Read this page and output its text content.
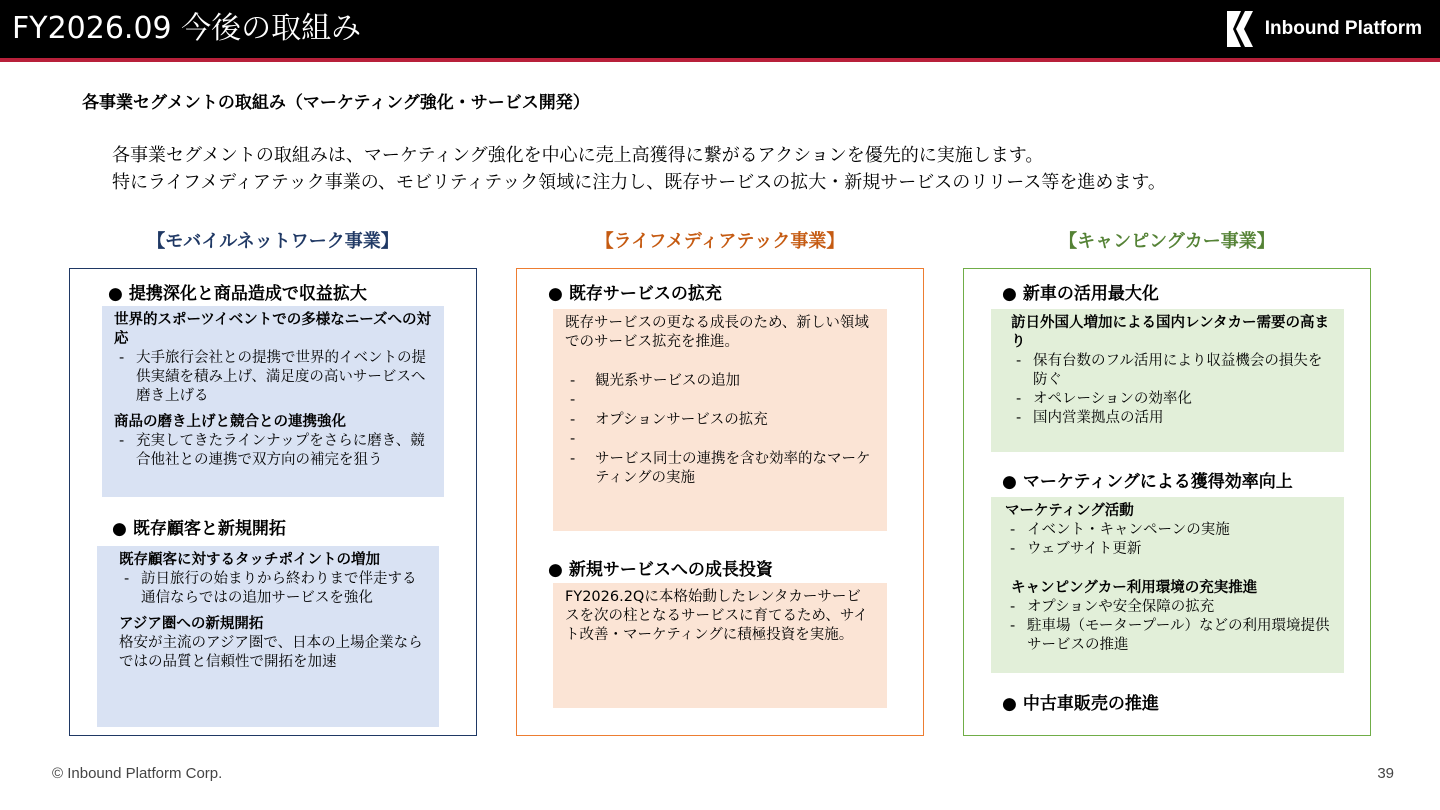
FY2026.09 今後の取組み	Inbound Platform
各事業セグメントの取組み（マーケティング強化・サービス開発）
各事業セグメントの取組みは、マーケティング強化を中心に売上高獲得に繋がるアクションを優先的に実施します。
特にライフメディアテック事業の、モビリティテック領域に注力し、既存サービスの拡大・新規サービスのリリース等を進めます。
【モバイルネットワーク事業】
● 提携深化と商品造成で収益拡大
世界的スポーツイベントでの多様なニーズへの対応
- 大手旅行会社との提携で世界的イベントの提供実績を積み上げ、満足度の高いサービスへ磨き上げる
商品の磨き上げと競合との連携強化
- 充実してきたラインナップをさらに磨き、競合他社との連携で双方向の補完を狙う
● 既存顧客と新規開拓
既存顧客に対するタッチポイントの増加
- 訪日旅行の始まりから終わりまで伴走する通信ならではの追加サービスを強化
アジア圏への新規開拓
格安が主流のアジア圏で、日本の上場企業ならではの品質と信頼性で開拓を加速
【ライフメディアテック事業】
● 既存サービスの拡充
既存サービスの更なる成長のため、新しい領域でのサービス拡充を推進。
- 観光系サービスの追加
-
- オプションサービスの拡充
-
- サービス同士の連携を含む効率的なマーケティングの実施
● 新規サービスへの成長投資
FY2026.2Qに本格始動したレンタカーサービスを次の柱となるサービスに育てるため、サイト改善・マーケティングに積極投資を実施。
【キャンピングカー事業】
● 新車の活用最大化
訪日外国人増加による国内レンタカー需要の高まり
- 保有台数のフル活用により収益機会の損失を防ぐ
- オペレーションの効率化
- 国内営業拠点の活用
● マーケティングによる獲得効率向上
マーケティング活動
- イベント・キャンペーンの実施
- ウェブサイト更新
キャンピングカー利用環境の充実推進
- オプションや安全保障の拡充
- 駐車場（モータープール）などの利用環境提供サービスの推進
● 中古車販売の推進
© Inbound Platform Corp.	39
